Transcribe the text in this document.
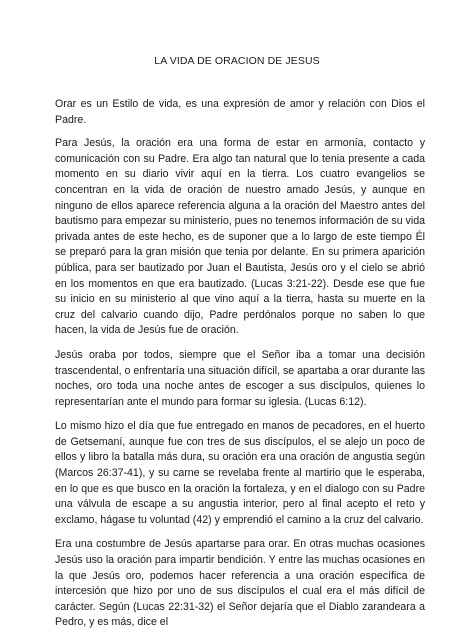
LA VIDA DE ORACION DE JESUS

Orar es un Estilo de vida, es una expresión de amor y relación con Dios el Padre.

Para Jesús, la oración era una forma de estar en armonía, contacto y comunicación con su Padre. Era algo tan natural que lo tenia presente a cada momento en su diario vivir aquí en la tierra. Los cuatro evangelios se concentran en la vida de oración de nuestro amado Jesús, y aunque en ninguno de ellos aparece referencia alguna a la oración del Maestro antes del bautismo para empezar su ministerio, pues no tenemos información de su vida privada antes de este hecho, es de suponer que a lo largo de este tiempo Él se preparó para la gran misión que tenia por delante. En su primera aparición pública, para ser bautizado por Juan el Bautista, Jesús oro y el cielo se abrió en los momentos en que era bautizado. (Lucas 3:21-22). Desde ese que fue su inicio en su ministerio al que vino aquí a la tierra, hasta su muerte en la cruz del calvario cuando dijo, Padre perdónalos porque no saben lo que hacen, la vida de Jesús fue de oración.

Jesús oraba por todos, siempre que el Señor iba a tomar una decisión trascendental, o enfrentaría una situación difícil, se apartaba a orar durante las noches, oro toda una noche antes de escoger a sus discípulos, quienes lo representarían ante el mundo para formar su iglesia. (Lucas 6:12).

Lo mismo hizo el día que fue entregado en manos de pecadores, en el huerto de Getsemaní, aunque fue con tres de sus discípulos, el se alejo un poco de ellos y libro la batalla más dura, su oración era una oración de angustia según (Marcos 26:37-41), y su carne se revelaba frente al martirio que le esperaba, en lo que es que busco en la oración la fortaleza, y en el dialogo con su Padre una válvula de escape a su angustia interior, pero al final acepto el reto y exclamo, hágase tu voluntad (42) y emprendió el camino a la cruz del calvario.

Era una costumbre de Jesús apartarse para orar. En otras muchas ocasiones Jesús uso la oración para impartir bendición. Y entre las muchas ocasiones en la que Jesús oro, podemos hacer referencia a una oración específica de intercesión que hizo por uno de sus discípulos el cual era el más difícil de carácter. Según (Lucas 22:31-32) el Señor dejaría que el Diablo zarandeara a Pedro, y es más, dice el
